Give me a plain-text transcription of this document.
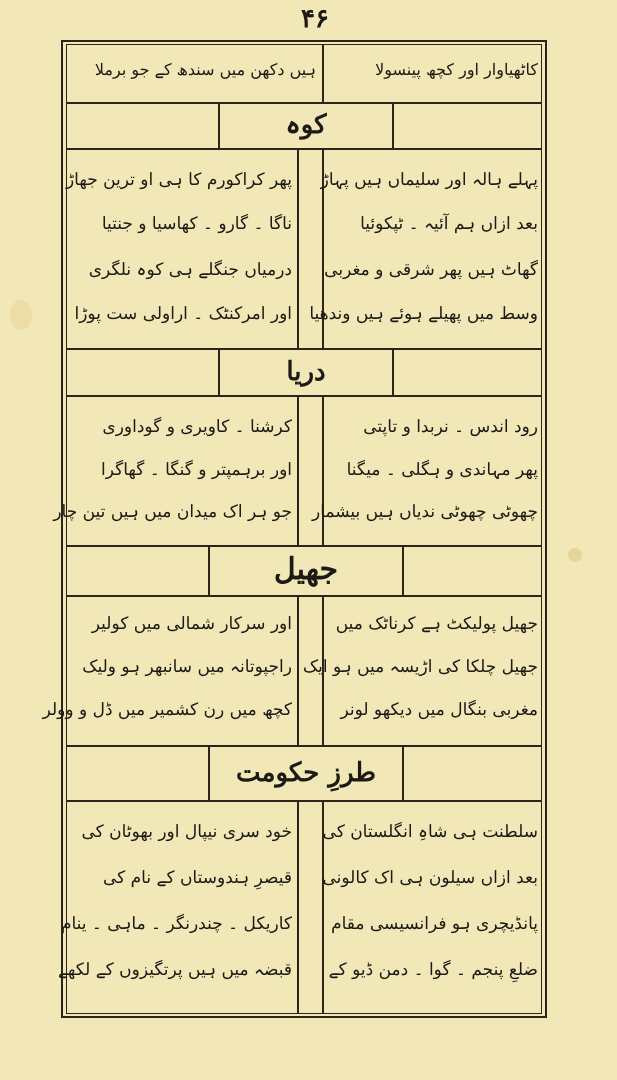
۴۶
کاٹھیاوار اور کچھ پینسولا
ہیں دکھن میں سندھ کے جو برملا
کوہ
پہلے ہالہ اور سلیماں ہیں پہاڑ
بعد ازاں ہم آئیہ ۔ ٹپکوئیا
گھاٹ ہیں پھر شرقی و مغربی
وسط میں پھیلے ہوئے ہیں وندھیا
پھر کراکورم کا ہی او ترین جھاڑ
ناگا ۔ گارو ۔ کھاسیا و جنتیا
درمیاں جنگلے ہی کوہ نلگری
اور امرکنٹک ۔ اراولی ست پوڑا
دریا
رود اندس ۔ نربدا و تاپتی
پھر مہاندی و ہگلی ۔ میگنا
چھوٹی چھوٹی ندیاں ہیں بیشمار
کرشنا ۔ کاویری و گوداوری
اور برہمپتر و گنگا ۔ گھاگرا
جو ہر اک میدان میں ہیں تین چار
جھیل
جھیل پولیکٹ ہے کرناٹک میں
جھیل چلکا کی اڑیسہ میں ہو ایک
مغربی بنگال میں دیکھو لونر
اور سرکار شمالی میں کولیر
راجپوتانہ میں سانبھر ہو ولیک
کچھ میں رن کشمیر میں ڈل و وولر
طرزِ حکومت
سلطنت ہی شاہِ انگلستان کی
بعد ازاں سیلون ہی اک کالونی
پانڈیچری ہو فرانسیسی مقام
ضلعِ پنجم ۔ گوا ۔ دمن ڈیو کے
خود سری نیپال اور بھوٹان کی
قیصرِ ہندوستاں کے نام کی
کاریکل ۔ چندرنگر ۔ ماہی ۔ ینام
قبضہ میں ہیں پرتگیزوں کے لکھے
